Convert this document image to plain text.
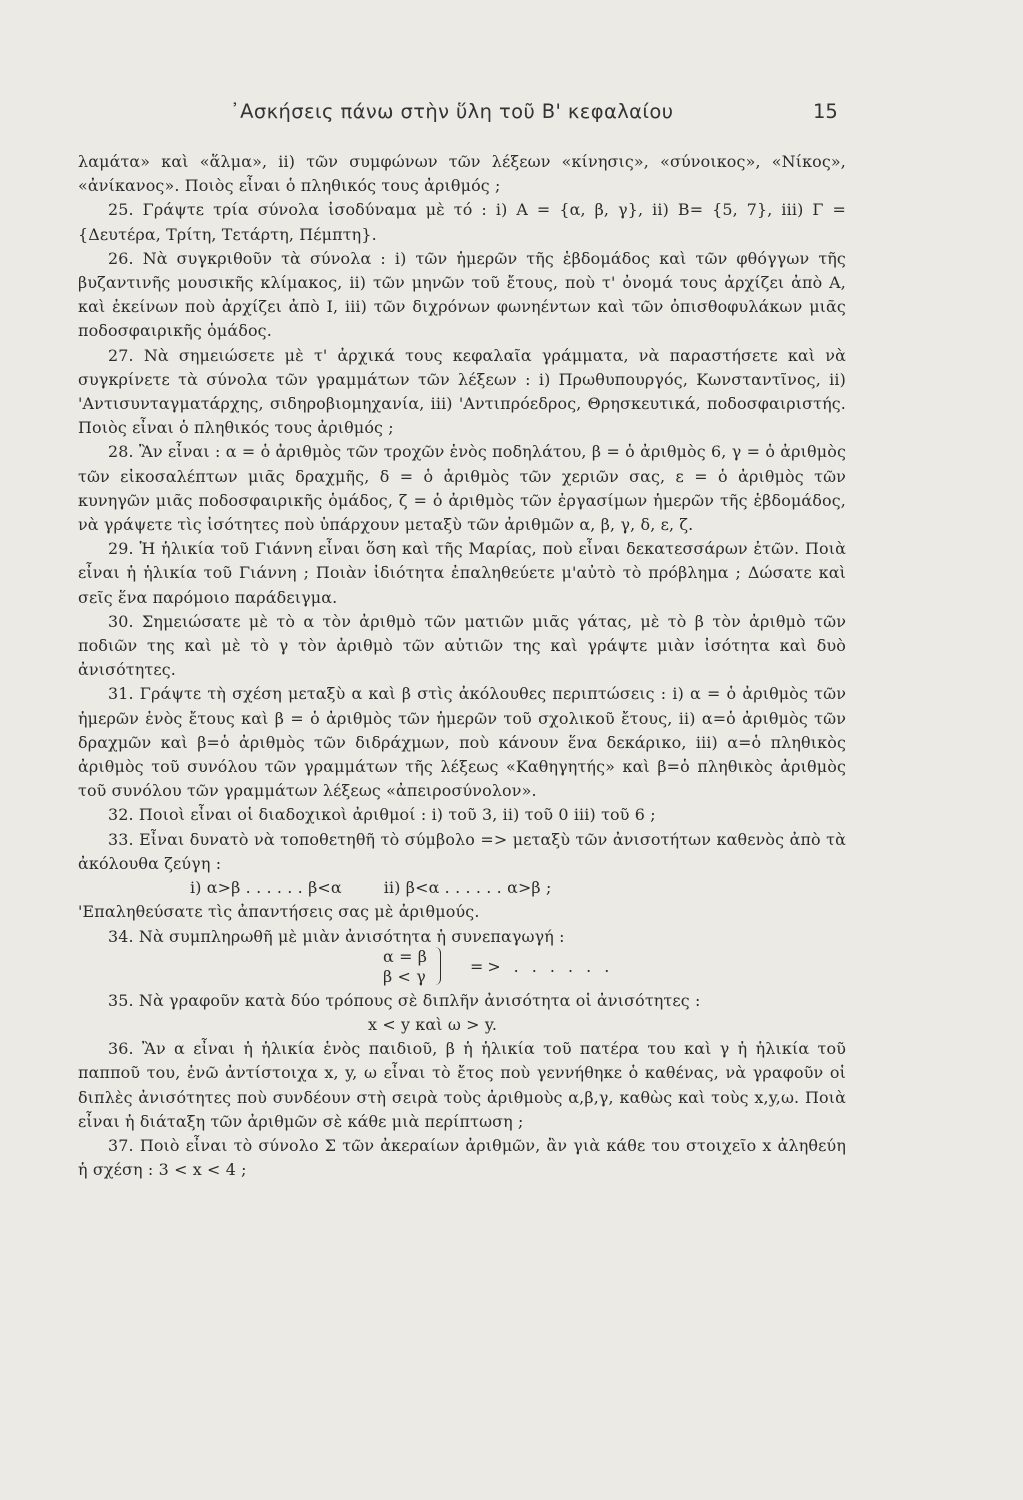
᾿Ασκήσεις πάνω στὴν ὕλη τοῦ Β' κεφαλαίου	15

λαμάτα» καὶ «ἅλμα», ii) τῶν συμφώνων τῶν λέξεων «κίνησις», «σύνοικος», «Νίκος», «ἀνίκανος». Ποιὸς εἶναι ὁ πληθικός τους ἀριθμός ;

25. Γράψτε τρία σύνολα ἰσοδύναμα μὲ τό : i) A = {α, β, γ}, ii) B= {5, 7}, iii) Γ = {Δευτέρα, Τρίτη, Τετάρτη, Πέμπτη}.

26. Νὰ συγκριθοῦν τὰ σύνολα : i) τῶν ἡμερῶν τῆς ἑβδομάδος καὶ τῶν φθόγγων τῆς βυζαντινῆς μουσικῆς κλίμακος, ii) τῶν μηνῶν τοῦ ἔτους, ποὺ τ' ὀνομά τους ἀρχίζει ἀπὸ Α, καὶ ἐκείνων ποὺ ἀρχίζει ἀπὸ Ι, iii) τῶν διχρόνων φωνηέντων καὶ τῶν ὀπισθοφυλάκων μιᾶς ποδοσφαιρικῆς ὁμάδος.

27. Νὰ σημειώσετε μὲ τ' ἀρχικά τους κεφαλαῖα γράμματα, νὰ παραστήσετε καὶ νὰ συγκρίνετε τὰ σύνολα τῶν γραμμάτων τῶν λέξεων : i) Πρωθυπουργός, Κωνσταντῖνος, ii) 'Αντισυνταγματάρχης, σιδηροβιομηχανία, iii) 'Αντιπρόεδρος, Θρησκευτικά, ποδοσφαιριστής. Ποιὸς εἶναι ὁ πληθικός τους ἀριθμός ;

28. Ἂν εἶναι : α = ὁ ἀριθμὸς τῶν τροχῶν ἑνὸς ποδηλάτου, β = ὁ ἀριθμὸς 6, γ = ὁ ἀριθμὸς τῶν εἰκοσαλέπτων μιᾶς δραχμῆς, δ = ὁ ἀριθμὸς τῶν χεριῶν σας, ε = ὁ ἀριθμὸς τῶν κυνηγῶν μιᾶς ποδοσφαιρικῆς ὁμάδος, ζ = ὁ ἀριθμὸς τῶν ἐργασίμων ἡμερῶν τῆς ἑβδομάδος, νὰ γράψετε τὶς ἰσότητες ποὺ ὑπάρχουν μεταξὺ τῶν ἀριθμῶν α, β, γ, δ, ε, ζ.

29. Ἡ ἡλικία τοῦ Γιάννη εἶναι ὅση καὶ τῆς Μαρίας, ποὺ εἶναι δεκατεσσάρων ἐτῶν. Ποιὰ εἶναι ἡ ἡλικία τοῦ Γιάννη ; Ποιὰν ἰδιότητα ἐπαληθεύετε μ'αὐτὸ τὸ πρόβλημα ; Δώσατε καὶ σεῖς ἕνα παρόμοιο παράδειγμα.

30. Σημειώσατε μὲ τὸ α τὸν ἀριθμὸ τῶν ματιῶν μιᾶς γάτας, μὲ τὸ β τὸν ἀριθμὸ τῶν ποδιῶν της καὶ μὲ τὸ γ τὸν ἀριθμὸ τῶν αὐτιῶν της καὶ γράψτε μιὰν ἰσότητα καὶ δυὸ ἀνισότητες.

31. Γράψτε τὴ σχέση μεταξὺ α καὶ β στὶς ἀκόλουθες περιπτώσεις : i) α = ὁ ἀριθμὸς τῶν ἡμερῶν ἑνὸς ἔτους καὶ β = ὁ ἀριθμὸς τῶν ἡμερῶν τοῦ σχολικοῦ ἔτους, ii) α=ὁ ἀριθμὸς τῶν δραχμῶν καὶ β=ὁ ἀριθμὸς τῶν διδράχμων, ποὺ κάνουν ἕνα δεκάρικο, iii) α=ὁ πληθικὸς ἀριθμὸς τοῦ συνόλου τῶν γραμμάτων τῆς λέξεως «Καθηγητής» καὶ β=ὁ πληθικὸς ἀριθμὸς τοῦ συνόλου τῶν γραμμάτων λέξεως «ἀπειροσύνολον».

32. Ποιοὶ εἶναι οἱ διαδοχικοὶ ἀριθμοί : i) τοῦ 3, ii) τοῦ 0 iii) τοῦ 6 ;

33. Εἶναι δυνατὸ νὰ τοποθετηθῆ τὸ σύμβολο => μεταξὺ τῶν ἀνισοτήτων καθενὸς ἀπὸ τὰ ἀκόλουθα ζεύγη :

i) α>β . . . . . . β<α	ii) β<α . . . . . . α>β ;

'Επαληθεύσατε τὶς ἀπαντήσεις σας μὲ ἀριθμούς.

34. Νὰ συμπληρωθῆ μὲ μιὰν ἀνισότητα ἡ συνεπαγωγή :

α = β
β < γ
=> . . . . . .

35. Νὰ γραφοῦν κατὰ δύο τρόπους σὲ διπλῆν ἀνισότητα οἱ ἀνισότητες :

x < y καὶ ω > y.

36. Ἂν α εἶναι ἡ ἡλικία ἑνὸς παιδιοῦ, β ἡ ἡλικία τοῦ πατέρα του καὶ γ ἡ ἡλικία τοῦ παπποῦ του, ἐνῶ ἀντίστοιχα x, y, ω εἶναι τὸ ἔτος ποὺ γεννήθηκε ὁ καθένας, νὰ γραφοῦν οἱ διπλὲς ἀνισότητες ποὺ συνδέουν στὴ σειρὰ τοὺς ἀριθμοὺς α,β,γ, καθὼς καὶ τοὺς x,y,ω. Ποιὰ εἶναι ἡ διάταξη τῶν ἀριθμῶν σὲ κάθε μιὰ περίπτωση ;

37. Ποιὸ εἶναι τὸ σύνολο Σ τῶν ἀκεραίων ἀριθμῶν, ἂν γιὰ κάθε του στοιχεῖο x ἀληθεύη ἡ σχέση : 3 < x < 4 ;
